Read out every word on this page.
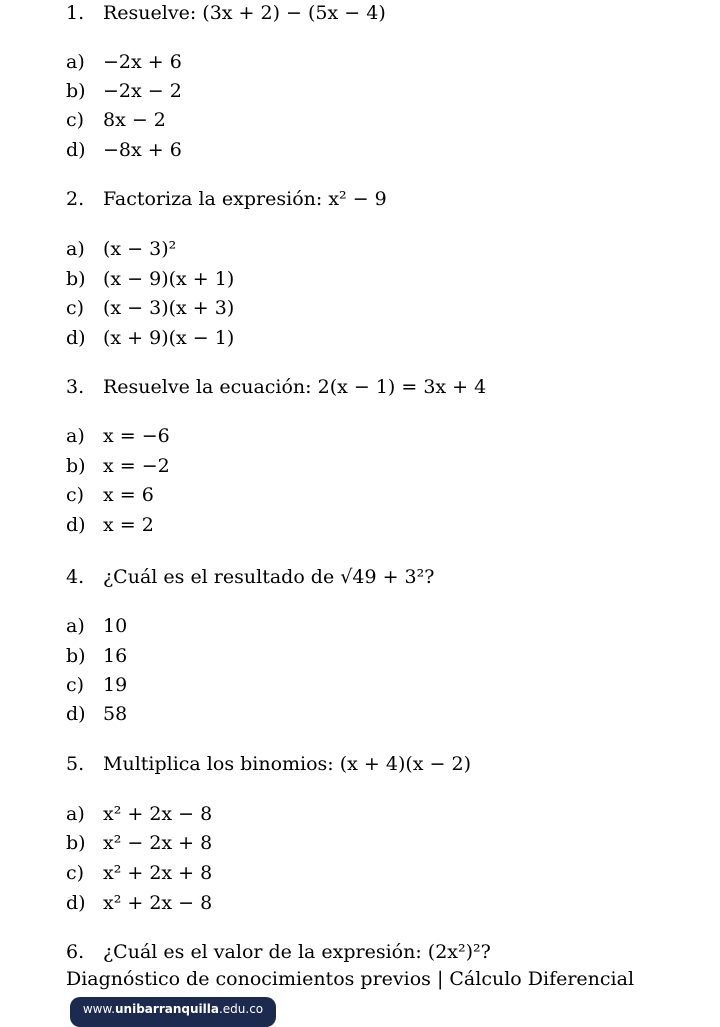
1. Resuelve: (3x + 2) − (5x − 4)
a) −2x + 6
b) −2x − 2
c) 8x − 2
d) −8x + 6
2. Factoriza la expresión: x² − 9
a) (x − 3)²
b) (x − 9)(x + 1)
c) (x − 3)(x + 3)
d) (x + 9)(x − 1)
3. Resuelve la ecuación: 2(x − 1) = 3x + 4
a) x = −6
b) x = −2
c) x = 6
d) x = 2
4. ¿Cuál es el resultado de √49 + 3²?
a) 10
b) 16
c) 19
d) 58
5. Multiplica los binomios: (x + 4)(x − 2)
a) x² + 2x − 8
b) x² − 2x + 8
c) x² + 2x + 8
d) x² + 2x − 8
6. ¿Cuál es el valor de la expresión: (2x²)²?
Diagnóstico de conocimientos previos | Cálculo Diferencial
www.unibarranquilla.edu.co
